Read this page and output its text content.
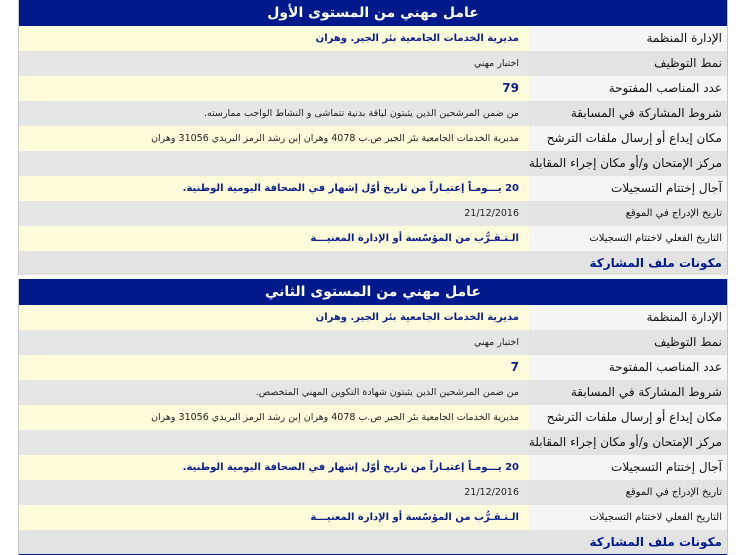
عامل مهني من المستوى الأول
الإدارة المنظمة
مديرية الخدمات الجامعية بئر الجير. وهران
نمط التوظيف
اختبار مهني
عدد المناصب المفتوحة
79
شروط المشاركة في المسابقة
من ضمن المرشحين الذين يثبتون لياقة بدنية تتماشى و النشاط الواجب ممارسته.
مكان إيداع أو إرسال ملفات الترشح
مديرية الخدمات الجامعية بئر الجير ص.ب 4078 وهران إبن رشد الرمز البريدي 31056 وهران
مركز الإمتحان و/أو مكان إجراء المقابلة
آجال إختتام التسجيلات
20 يـــومـاً إعتبـاراً من تاريخ أوّل إشهار في الصحافة اليومية الوطنية.
تاريخ الإدراج في الموقع
21/12/2016
التاريخ الفعلي لاختتام التسجيلات
الـتـقـرُّب من المؤسّسة أو الإدارة المعنيـــة
مكونات ملف المشاركة
عامل مهني من المستوى الثاني
الإدارة المنظمة
مديرية الخدمات الجامعية بئر الجير. وهران
نمط التوظيف
اختبار مهني
عدد المناصب المفتوحة
7
شروط المشاركة في المسابقة
من ضمن المرشحين الذين يثبتون شهادة التكوين المهني المتخصص.
مكان إيداع أو إرسال ملفات الترشح
مديرية الخدمات الجامعية بئر الجير ص.ب 4078 وهران إبن رشد الرمز البريدي 31056 وهران
مركز الإمتحان و/أو مكان إجراء المقابلة
آجال إختتام التسجيلات
20 يـــومـاً إعتبـاراً من تاريخ أوّل إشهار في الصحافة اليومية الوطنية.
تاريخ الإدراج في الموقع
21/12/2016
التاريخ الفعلي لاختتام التسجيلات
الـتـقـرُّب من المؤسّسة أو الإدارة المعنيـــة
مكونات ملف المشاركة
